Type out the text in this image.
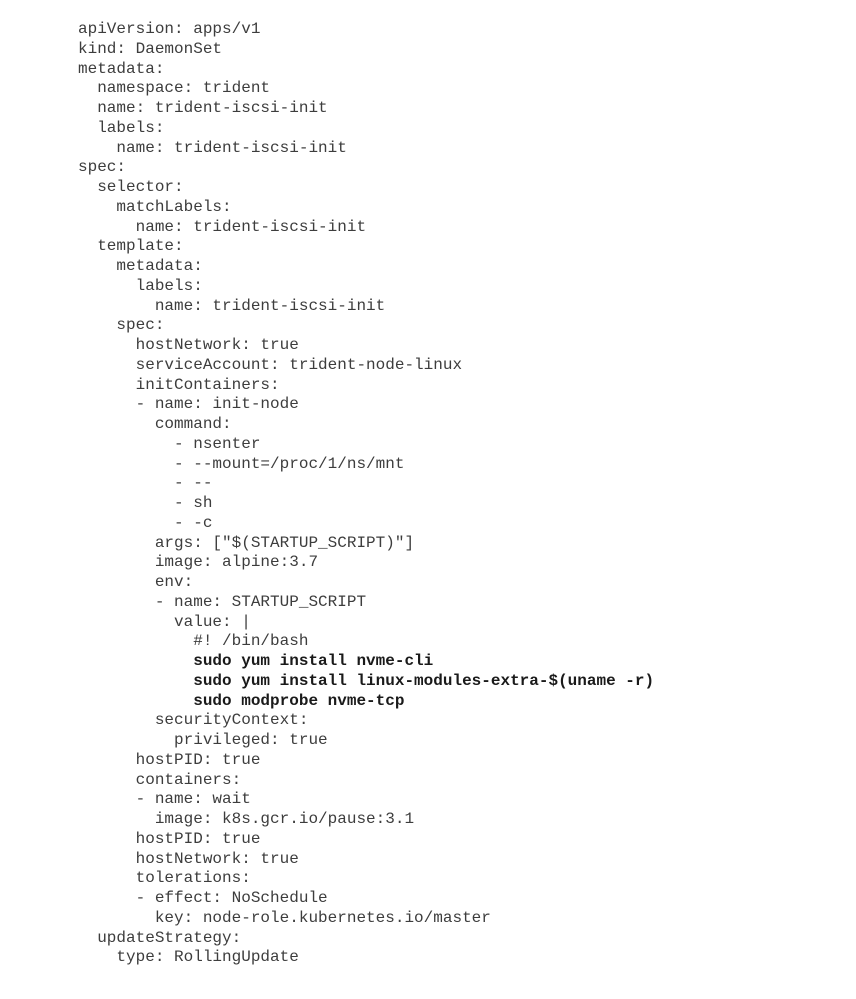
apiVersion: apps/v1
kind: DaemonSet
metadata:
namespace: trident
name: trident-iscsi-init
labels:
name: trident-iscsi-init
spec:
selector:
matchLabels:
name: trident-iscsi-init
template:
metadata:
labels:
name: trident-iscsi-init
spec:
hostNetwork: true
serviceAccount: trident-node-linux
initContainers:
- name: init-node
command:
- nsenter
- --mount=/proc/1/ns/mnt
- --
- sh
- -c
args: ["$(STARTUP_SCRIPT)"]
image: alpine:3.7
env:
- name: STARTUP_SCRIPT
value: |
#! /bin/bash
sudo yum install nvme-cli
sudo yum install linux-modules-extra-$(uname -r)
sudo modprobe nvme-tcp
securityContext:
privileged: true
hostPID: true
containers:
- name: wait
image: k8s.gcr.io/pause:3.1
hostPID: true
hostNetwork: true
tolerations:
- effect: NoSchedule
key: node-role.kubernetes.io/master
updateStrategy:
type: RollingUpdate
